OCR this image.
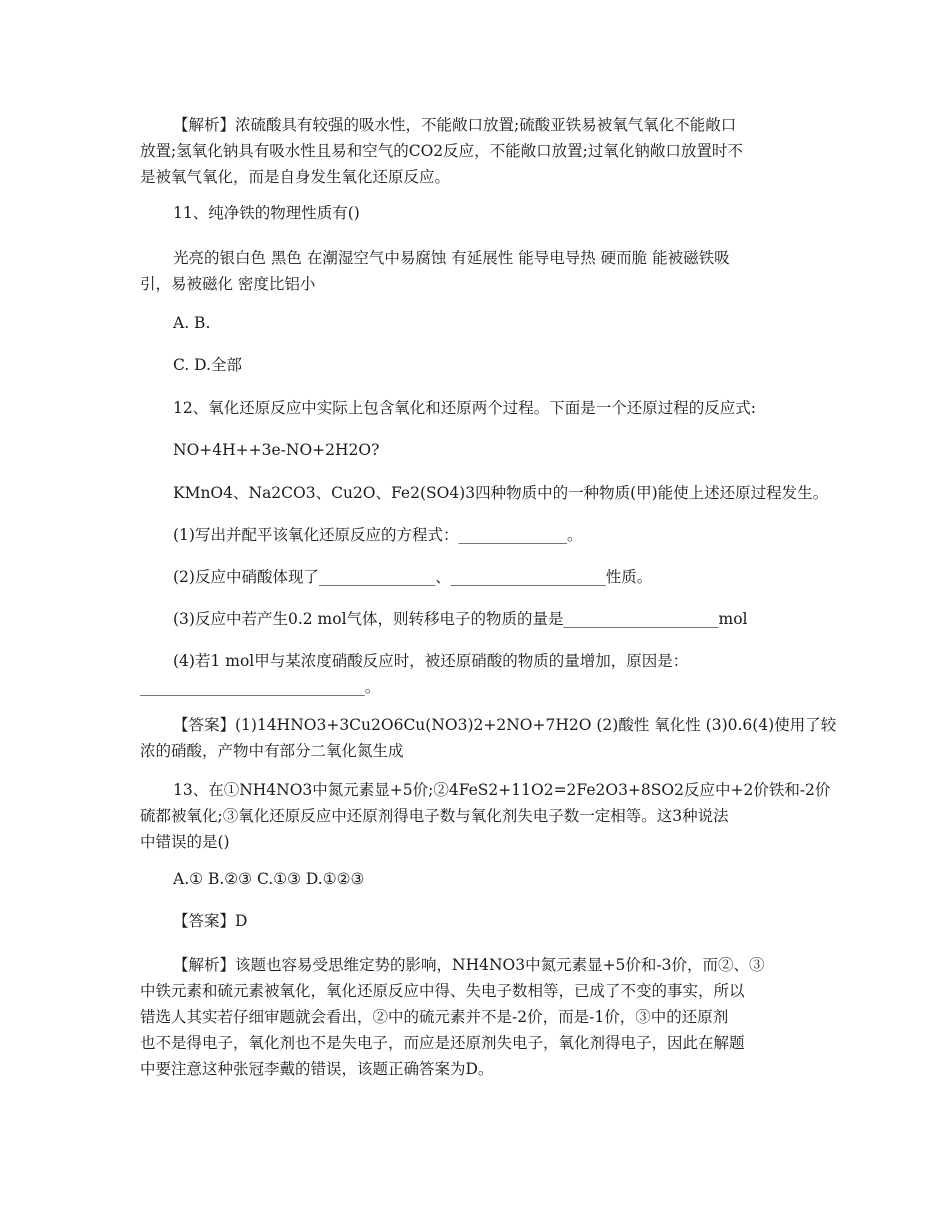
【解析】浓硫酸具有较强的吸水性，不能敞口放置;硫酸亚铁易被氧气氧化不能敞口
放置;氢氧化钠具有吸水性且易和空气的CO2反应，不能敞口放置;过氧化钠敞口放置时不
是被氧气氧化，而是自身发生氧化还原反应。
11、纯净铁的物理性质有()
光亮的银白色 黑色 在潮湿空气中易腐蚀 有延展性 能导电导热 硬而脆 能被磁铁吸
引，易被磁化 密度比铝小
A. B.
C. D.全部
12、氧化还原反应中实际上包含氧化和还原两个过程。下面是一个还原过程的反应式:
NO+4H++3e-NO+2H2O?
KMnO4、Na2CO3、Cu2O、Fe2(SO4)3四种物质中的一种物质(甲)能使上述还原过程发生。
(1)写出并配平该氧化还原反应的方程式：______________。
(2)反应中硝酸体现了_______________、____________________性质。
(3)反应中若产生0.2 mol气体，则转移电子的物质的量是____________________mol
(4)若1 mol甲与某浓度硝酸反应时，被还原硝酸的物质的量增加，原因是：
_____________________________。
【答案】(1)14HNO3+3Cu2O6Cu(NO3)2+2NO+7H2O (2)酸性 氧化性 (3)0.6(4)使用了较
浓的硝酸，产物中有部分二氧化氮生成
13、在①NH4NO3中氮元素显+5价;②4FeS2+11O2=2Fe2O3+8SO2反应中+2价铁和-2价
硫都被氧化;③氧化还原反应中还原剂得电子数与氧化剂失电子数一定相等。这3种说法
中错误的是()
A.① B.②③ C.①③ D.①②③
【答案】D
【解析】该题也容易受思维定势的影响，NH4NO3中氮元素显+5价和-3价，而②、③
中铁元素和硫元素被氧化，氧化还原反应中得、失电子数相等，已成了不变的事实，所以
错选人其实若仔细审题就会看出，②中的硫元素并不是-2价，而是-1价，③中的还原剂
也不是得电子，氧化剂也不是失电子，而应是还原剂失电子，氧化剂得电子，因此在解题
中要注意这种张冠李戴的错误，该题正确答案为D。
